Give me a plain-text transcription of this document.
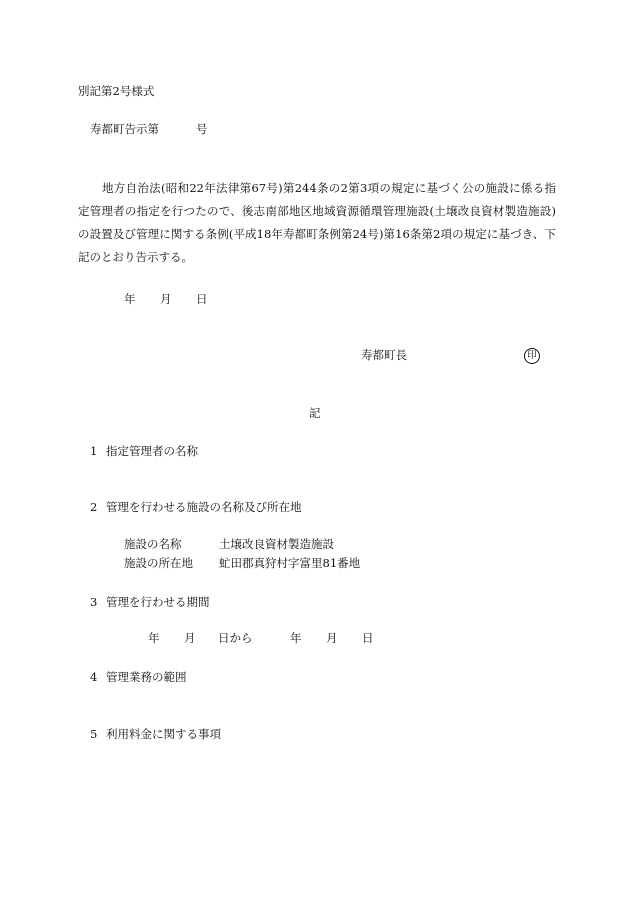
別記第2号様式
寿都町告示第	号
地方自治法(昭和22年法律第67号)第244条の2第3項の規定に基づく公の施設に係る指定管理者の指定を行つたので、後志南部地区地域資源循環管理施設(土壌改良資材製造施設)の設置及び管理に関する条例(平成18年寿都町条例第24号)第16条第2項の規定に基づき、下記のとおり告示する。
年 月 日
寿都町長	印
記
1 指定管理者の名称
2 管理を行わせる施設の名称及び所在地
施設の名称	土壌改良資材製造施設
施設の所在地 虻田郡真狩村字富里81番地
3 管理を行わせる期間
年 月 日から	年 月 日
4 管理業務の範囲
5 利用料金に関する事項
